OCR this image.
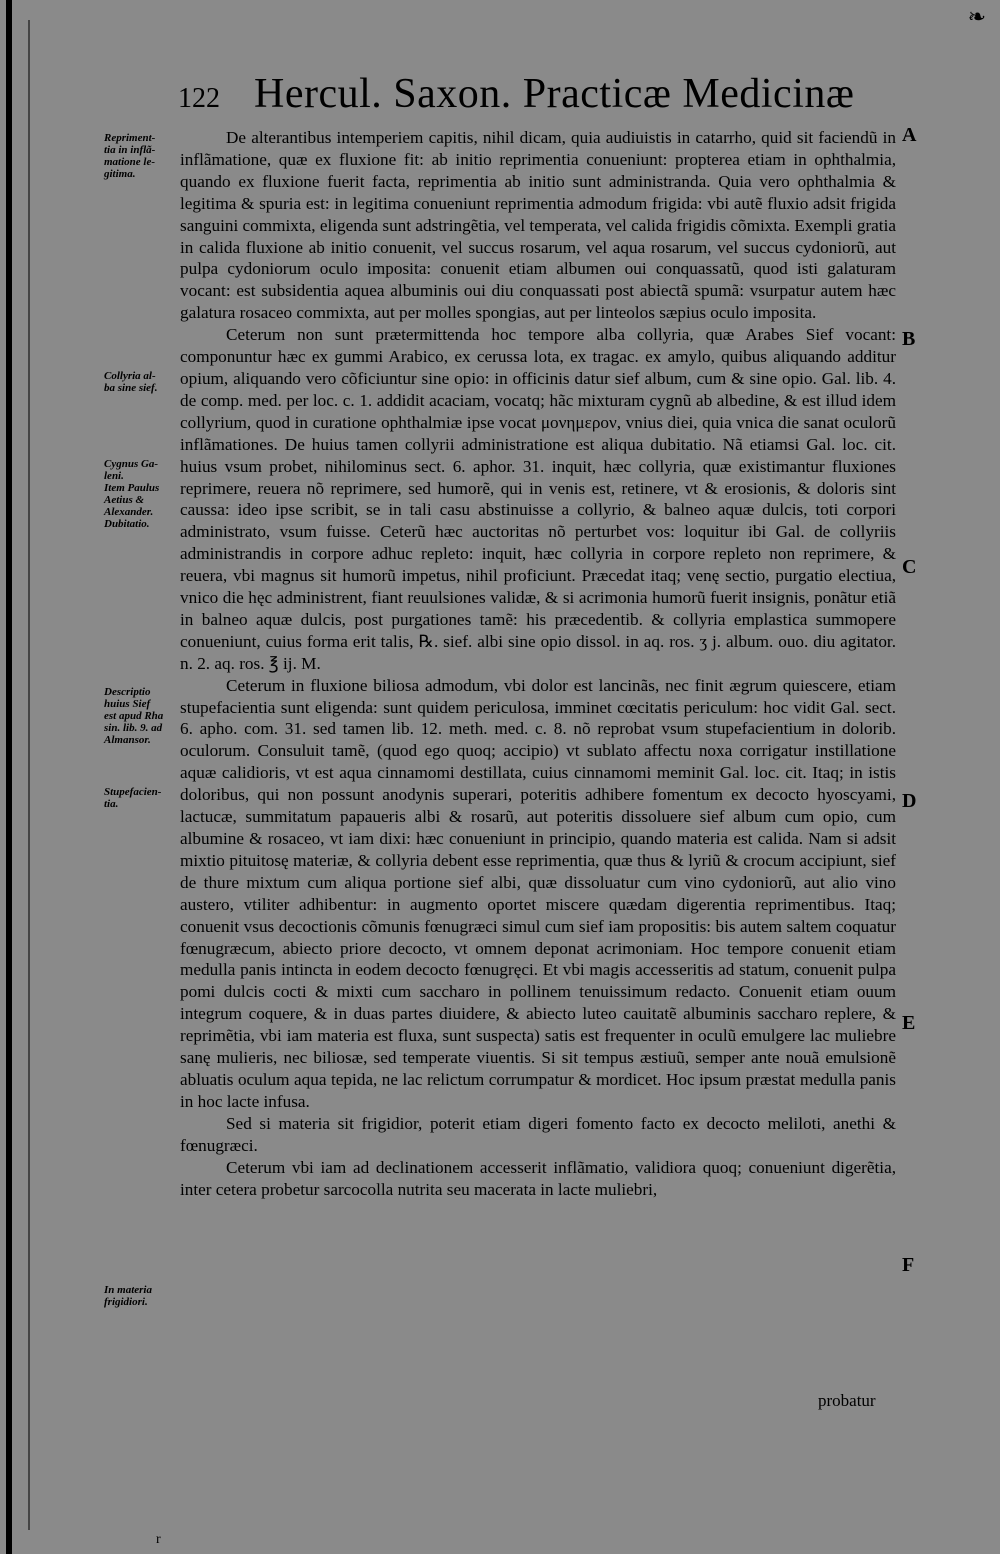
❧
122 Hercul. Saxon. Practicæ Medicinæ
Repriment-
tia in inflã-
matione le-
gitima.
Collyria al-
ba sine sief.
Cygnus Ga-
leni.
Item Paulus
Aetius &
Alexander.
Dubitatio.
Descriptio
huius Sief
est apud Rha
sin. lib. 9. ad
Almansor.
Stupefacien-
tia.
In materia
frigidiori.

De alterantibus intemperiem capitis, nihil dicam, quia audiuistis in catarrho, quid sit faciendũ in inflãmatione, quæ ex fluxione fit: ab initio reprimentia conueniunt: propterea etiam in ophthalmia, quando ex fluxione fuerit facta, reprimentia ab initio sunt administranda. Quia vero ophthalmia & legitima & spuria est: in legitima conueniunt reprimentia admodum frigida: vbi autẽ fluxio adsit frigida sanguini commixta, eligenda sunt adstringẽtia, vel temperata, vel calida frigidis cõmixta. Exempli gratia in calida fluxione ab initio conuenit, vel succus rosarum, vel aqua rosarum, vel succus cydoniorũ, aut pulpa cydoniorum oculo imposita: conuenit etiam albumen oui conquassatũ, quod isti galaturam vocant: est subsidentia aquea albuminis oui diu conquassati post abiectã spumã: vsurpatur autem hæc galatura rosaceo commixta, aut per molles spongias, aut per linteolos sæpius oculo imposita.

Ceterum non sunt prætermittenda hoc tempore alba collyria, quæ Arabes Sief vocant: componuntur hæc ex gummi Arabico, ex cerussa lota, ex tragac. ex amylo, quibus aliquando additur opium, aliquando vero cõficiuntur sine opio: in officinis datur sief album, cum & sine opio. Gal. lib. 4. de comp. med. per loc. c. 1. addidit acaciam, vocatq; hãc mixturam cygnũ ab albedine, & est illud idem collyrium, quod in curatione ophthalmiæ ipse vocat μονημερον, vnius diei, quia vnica die sanat oculorũ inflãmationes. De huius tamen collyrii administratione est aliqua dubitatio. Nã etiamsi Gal. loc. cit. huius vsum probet, nihilominus sect. 6. aphor. 31. inquit, hæc collyria, quæ existimantur fluxiones reprimere, reuera nõ reprimere, sed humorẽ, qui in venis est, retinere, vt & erosionis, & doloris sint caussa: ideo ipse scribit, se in tali casu abstinuisse a collyrio, & balneo aquæ dulcis, toti corpori administrato, vsum fuisse. Ceterũ hæc auctoritas nõ perturbet vos: loquitur ibi Gal. de collyriis administrandis in corpore adhuc repleto: inquit, hæc collyria in corpore repleto non reprimere, & reuera, vbi magnus sit humorũ impetus, nihil proficiunt. Præcedat itaq; venę sectio, purgatio electiua, vnico die hęc administrent, fiant reuulsiones validæ, & si acrimonia humorũ fuerit insignis, ponãtur etiã in balneo aquæ dulcis, post purgationes tamẽ: his præcedentib. & collyria emplastica summopere conueniunt, cuius forma erit talis, ℞. sief. albi sine opio dissol. in aq. ros. ʒ j. album. ouo. diu agitator. n. 2. aq. ros. ℥ ij. M.

Ceterum in fluxione biliosa admodum, vbi dolor est lancinãs, nec finit ægrum quiescere, etiam stupefacientia sunt eligenda: sunt quidem periculosa, imminet cœcitatis periculum: hoc vidit Gal. sect. 6. apho. com. 31. sed tamen lib. 12. meth. med. c. 8. nõ reprobat vsum stupefacientium in dolorib. oculorum. Consuluit tamẽ, (quod ego quoq; accipio) vt sublato affectu noxa corrigatur instillatione aquæ calidioris, vt est aqua cinnamomi destillata, cuius cinnamomi meminit Gal. loc. cit. Itaq; in istis doloribus, qui non possunt anodynis superari, poteritis adhibere fomentum ex decocto hyoscyami, lactucæ, summitatum papaueris albi & rosarũ, aut poteritis dissoluere sief album cum opio, cum albumine & rosaceo, vt iam dixi: hæc conueniunt in principio, quando materia est calida. Nam si adsit mixtio pituitosę materiæ, & collyria debent esse reprimentia, quæ thus & lyriũ & crocum accipiunt, sief de thure mixtum cum aliqua portione sief albi, quæ dissoluatur cum vino cydoniorũ, aut alio vino austero, vtiliter adhibentur: in augmento oportet miscere quædam digerentia reprimentibus. Itaq; conuenit vsus decoctionis cõmunis fœnugræci simul cum sief iam propositis: bis autem saltem coquatur fœnugræcum, abiecto priore decocto, vt omnem deponat acrimoniam. Hoc tempore conuenit etiam medulla panis intincta in eodem decocto fœnugręci. Et vbi magis accesseritis ad statum, conuenit pulpa pomi dulcis cocti & mixti cum saccharo in pollinem tenuissimum redacto. Conuenit etiam ouum integrum coquere, & in duas partes diuidere, & abiecto luteo cauitatẽ albuminis saccharo replere, & reprimẽtia, vbi iam materia est fluxa, sunt suspecta) satis est frequenter in oculũ emulgere lac muliebre sanę mulieris, nec biliosæ, sed temperate viuentis. Si sit tempus æstiuũ, semper ante nouã emulsionẽ abluatis oculum aqua tepida, ne lac relictum corrumpatur & mordicet. Hoc ipsum præstat medulla panis in hoc lacte infusa.

Sed si materia sit frigidior, poterit etiam digeri fomento facto ex decocto meliloti, anethi & fœnugræci.

Ceterum vbi iam ad declinationem accesserit inflãmatio, validiora quoq; conueniunt digerẽtia, inter cetera probetur sarcocolla nutrita seu macerata in lacte muliebri,

A
B
C
D
E
F
probatur
r
